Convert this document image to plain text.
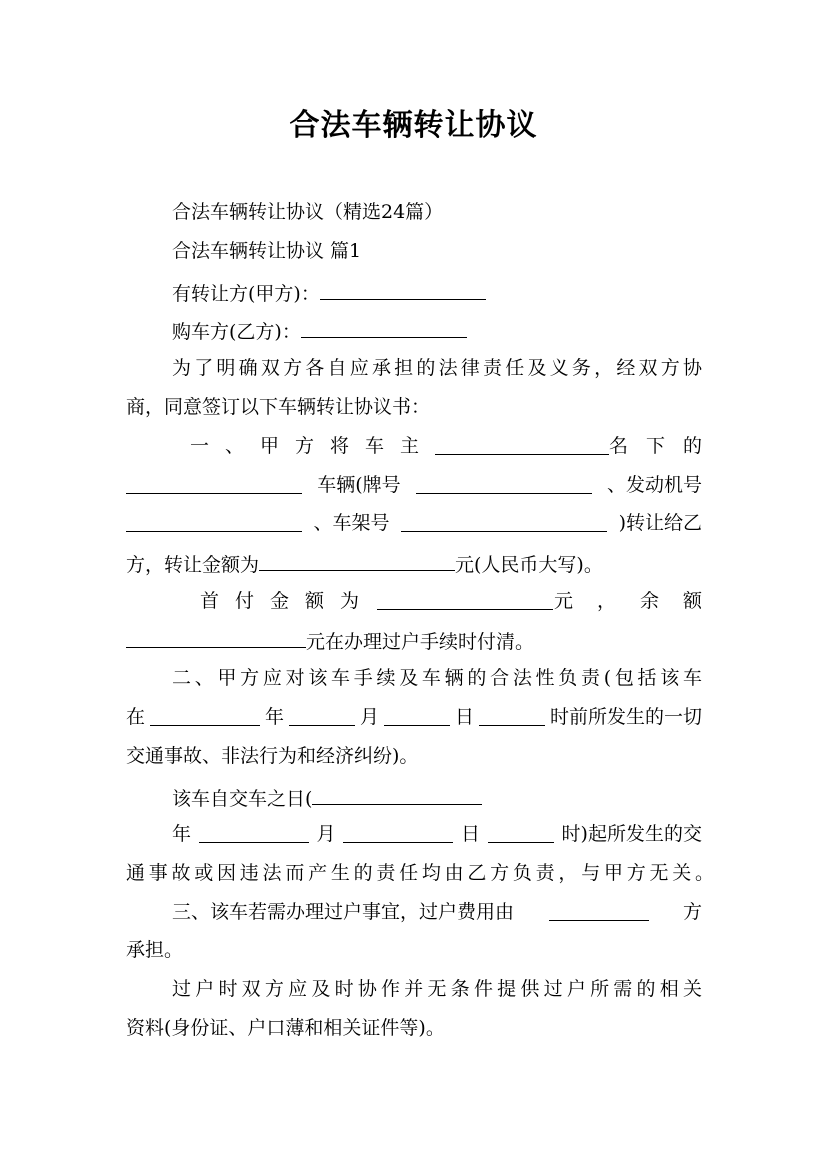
合法车辆转让协议
合法车辆转让协议（精选24篇）
合法车辆转让协议 篇1
有转让方(甲方)：
购车方(乙方)：
为了明确双方各自应承担的法律责任及义务，经双方协
商，同意签订以下车辆转让协议书：
一、甲方将车主	名下的
车辆(牌号	、发动机号
、车架号	)转让给乙
方，转让金额为	元(人民币大写)。
首付金额为	元，余额
元在办理过户手续时付清。
二、甲方应对该车手续及车辆的合法性负责(包括该车
在	年	月	日	时前所发生的一切
交通事故、非法行为和经济纠纷)。
该车自交车之日(
年	月	日	时)起所发生的交
通事故或因违法而产生的责任均由乙方负责，与甲方无关。
三、该车若需办理过户事宜，过户费用由	方
承担。
过户时双方应及时协作并无条件提供过户所需的相关
资料(身份证、户口薄和相关证件等)。
